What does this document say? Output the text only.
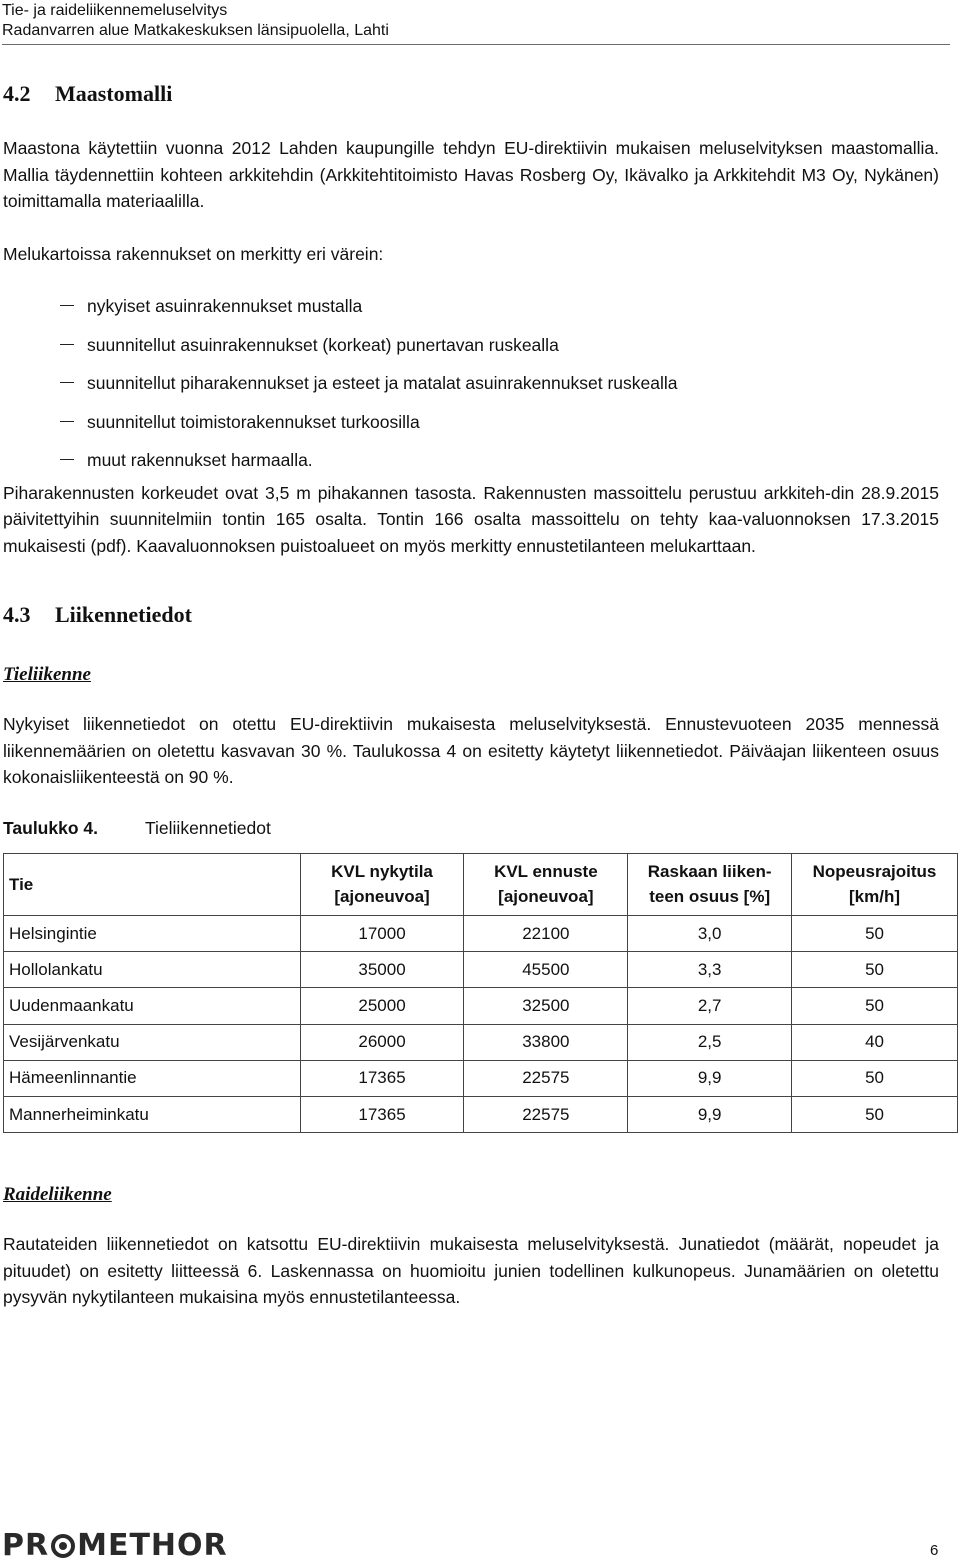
Tie- ja raideliikennemeluselvitys
Radanvarren alue Matkakeskuksen länsipuolella, Lahti
4.2 Maastomalli

Maastona käytettiin vuonna 2012 Lahden kaupungille tehdyn EU-direktiivin mukaisen meluselvityksen maastomallia. Mallia täydennettiin kohteen arkkitehdin (Arkkitehtitoimisto Havas Rosberg Oy, Ikävalko ja Arkkitehdit M3 Oy, Nykänen) toimittamalla materiaalilla.

Melukartoissa rakennukset on merkitty eri värein:

nykyiset asuinrakennukset mustalla
suunnitellut asuinrakennukset (korkeat) punertavan ruskealla
suunnitellut piharakennukset ja esteet ja matalat asuinrakennukset ruskealla
suunnitellut toimistorakennukset turkoosilla
muut rakennukset harmaalla.

Piharakennusten korkeudet ovat 3,5 m pihakannen tasosta. Rakennusten massoittelu perustuu arkkiteh-din 28.9.2015 päivitettyihin suunnitelmiin tontin 165 osalta. Tontin 166 osalta massoittelu on tehty kaa-valuonnoksen 17.3.2015 mukaisesti (pdf). Kaavaluonnoksen puistoalueet on myös merkitty ennustetilanteen melukarttaan.

4.3 Liikennetiedot
Tieliikenne

Nykyiset liikennetiedot on otettu EU-direktiivin mukaisesta meluselvityksestä. Ennustevuoteen 2035 mennessä liikennemäärien on oletettu kasvavan 30 %. Taulukossa 4 on esitetty käytetyt liikennetiedot. Päiväajan liikenteen osuus kokonaisliikenteestä on 90 %.

Taulukko 4.	Tieliikennetiedot
Tie	KVL nykytila [ajoneuvoa]	KVL ennuste [ajoneuvoa]	Raskaan liiken-teen osuus [%]	Nopeusrajoitus [km/h]
Helsingintie	17000	22100	3,0	50
Hollolankatu	35000	45500	3,3	50
Uudenmaankatu	25000	32500	2,7	50
Vesijärvenkatu	26000	33800	2,5	40
Hämeenlinnantie	17365	22575	9,9	50
Mannerheiminkatu	17365	22575	9,9	50
Raideliikenne

Rautateiden liikennetiedot on katsottu EU-direktiivin mukaisesta meluselvityksestä. Junatiedot (määrät, nopeudet ja pituudet) on esitetty liitteessä 6. Laskennassa on huomioitu junien todellinen kulkunopeus. Junamäärien on oletettu pysyvän nykytilanteen mukaisina myös ennustetilanteessa.

PR METHOR	6
